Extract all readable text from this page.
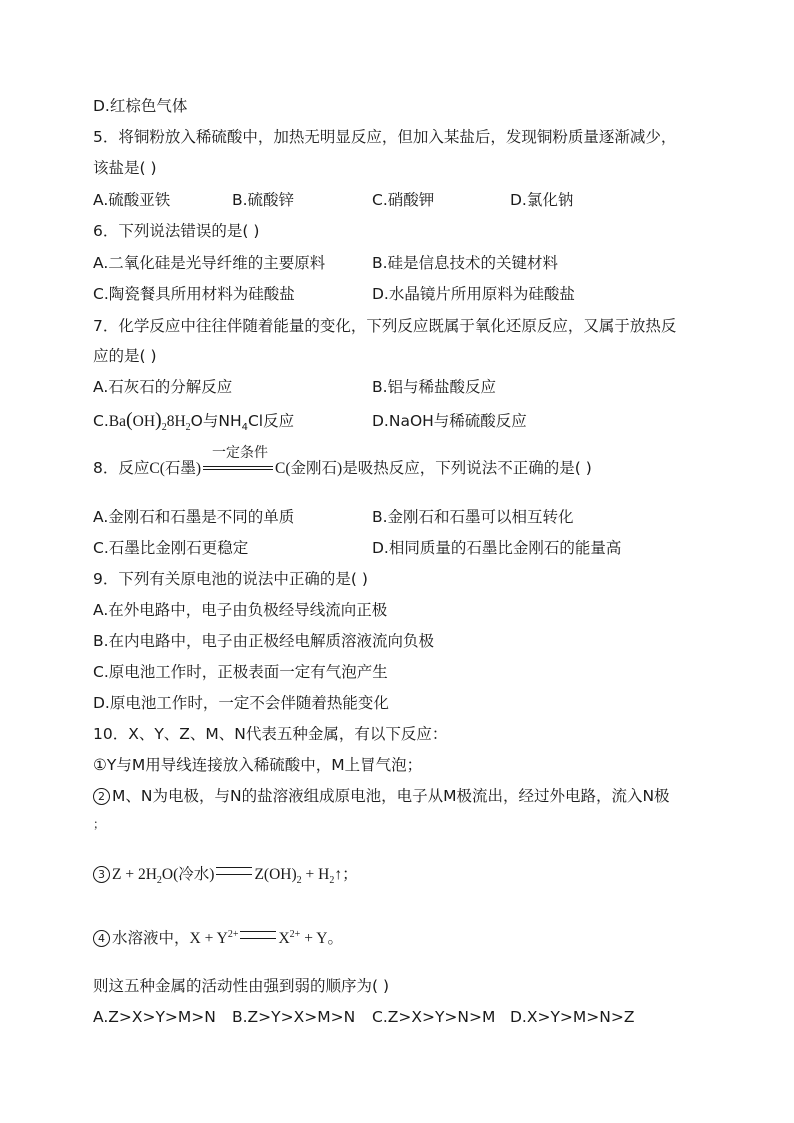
D.红棕色气体
5．将铜粉放入稀硫酸中，加热无明显反应，但加入某盐后，发现铜粉质量逐渐减少，
该盐是( )
A.硫酸亚铁	B.硫酸锌	C.硝酸钾	D.氯化钠
6．下列说法错误的是( )
A.二氧化硅是光导纤维的主要原料	B.硅是信息技术的关键材料
C.陶瓷餐具所用材料为硅酸盐	D.水晶镜片所用原料为硅酸盐
7．化学反应中往往伴随着能量的变化，下列反应既属于氧化还原反应，又属于放热反
应的是( )
A.石灰石的分解反应	B.铝与稀盐酸反应
$C.Ba(OH)_28H_2O$与$NH_4Cl$反应	D.NaOH与稀硫酸反应
8．反应C(石墨)
一定条件
C(金刚石)是吸热反应，下列说法不正确的是( )
A.金刚石和石墨是不同的单质	B.金刚石和石墨可以相互转化
C.石墨比金刚石更稳定	D.相同质量的石墨比金刚石的能量高
9．下列有关原电池的说法中正确的是( )
A.在外电路中，电子由负极经导线流向正极
B.在内电路中，电子由正极经电解质溶液流向负极
C.原电池工作时，正极表面一定有气泡产生
D.原电池工作时，一定不会伴随着热能变化
10．X、Y、Z、M、N代表五种金属，有以下反应：
①Y与M用导线连接放入稀硫酸中，M上冒气泡；
2 M、N为电极，与N的盐溶液组成原电池，电子从M极流出，经过外电路，流入N极
；
3 $Z + 2H_2O$(冷水)	$Z(OH)_2$ + $H_2↑$；
4 水溶液中，$X + Y^{2+}$	$X^{2+} + Y$。
则这五种金属的活动性由强到弱的顺序为( )
A.Z>X>Y>M>N B.Z>Y>X>M>N C.Z>X>Y>N>M D.X>Y>M>N>Z
